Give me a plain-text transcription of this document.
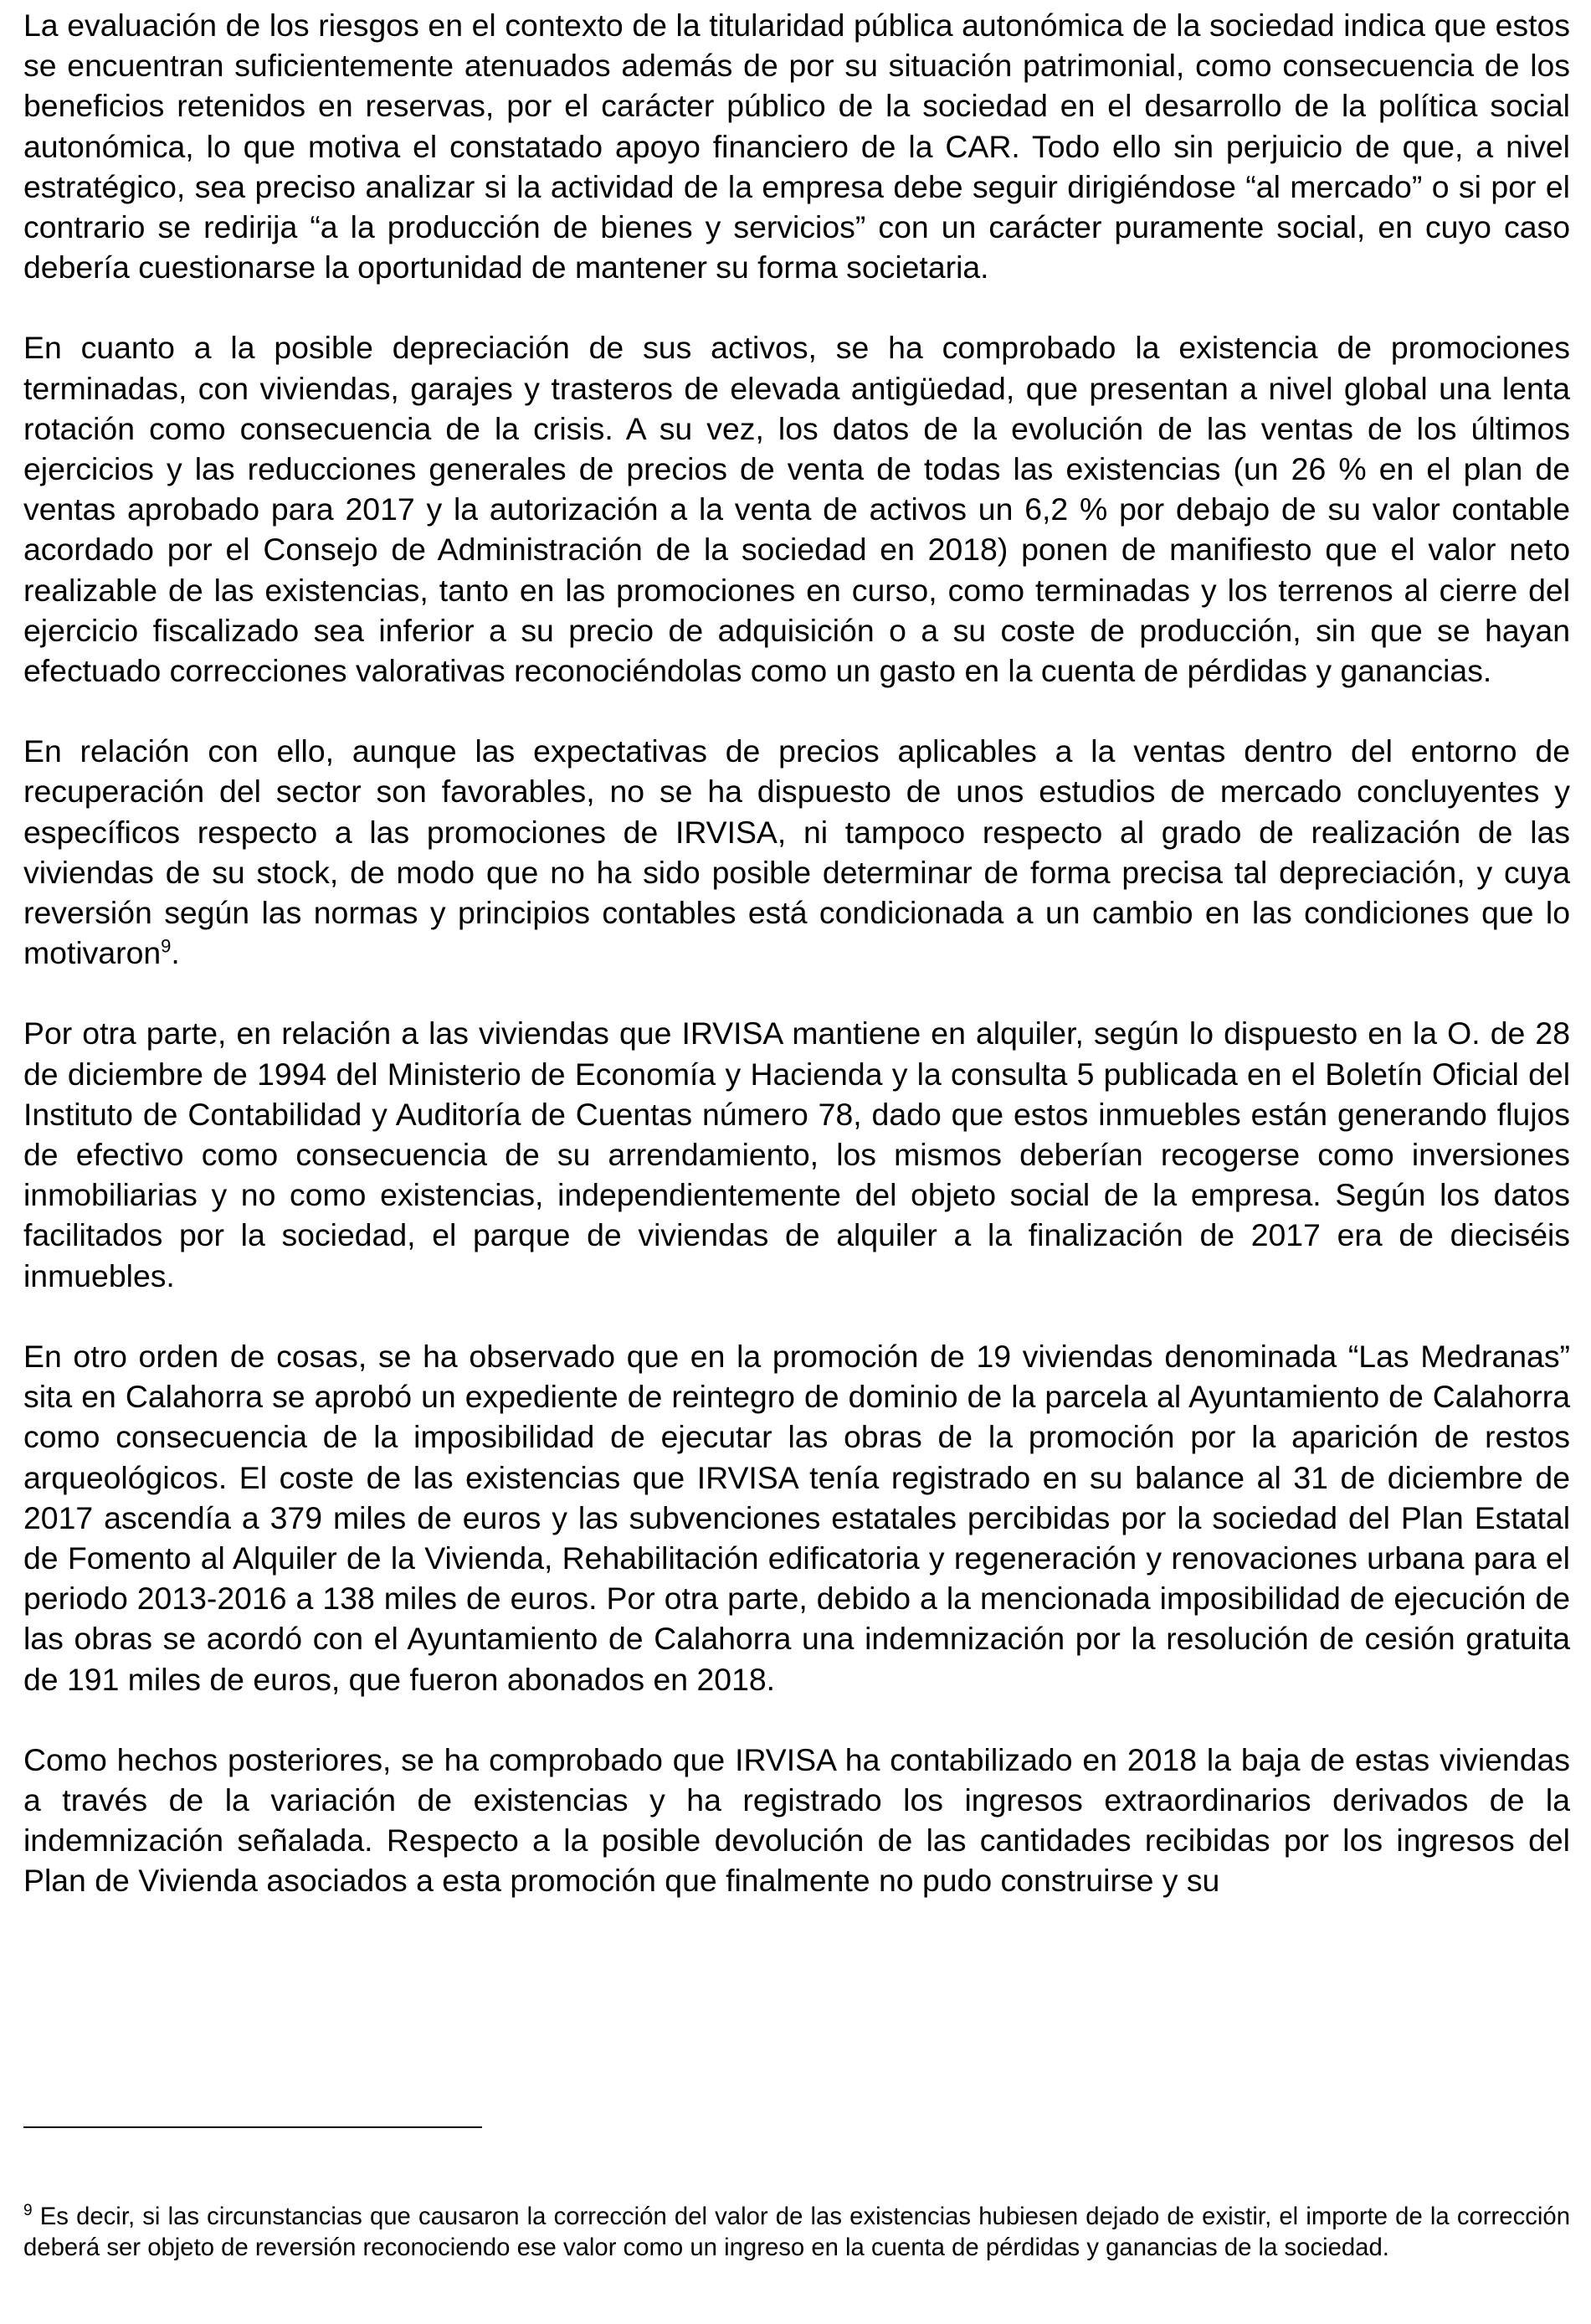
La evaluación de los riesgos en el contexto de la titularidad pública autonómica de la sociedad indica que estos se encuentran suficientemente atenuados además de por su situación patrimonial, como consecuencia de los beneficios retenidos en reservas, por el carácter público de la sociedad en el desarrollo de la política social autonómica, lo que motiva el constatado apoyo financiero de la CAR. Todo ello sin perjuicio de que, a nivel estratégico, sea preciso analizar si la actividad de la empresa debe seguir dirigiéndose “al mercado” o si por el contrario se redirija “a la producción de bienes y servicios” con un carácter puramente social, en cuyo caso debería cuestionarse la oportunidad de mantener su forma societaria.

En cuanto a la posible depreciación de sus activos, se ha comprobado la existencia de promociones terminadas, con viviendas, garajes y trasteros de elevada antigüedad, que presentan a nivel global una lenta rotación como consecuencia de la crisis. A su vez, los datos de la evolución de las ventas de los últimos ejercicios y las reducciones generales de precios de venta de todas las existencias (un 26 % en el plan de ventas aprobado para 2017 y la autorización a la venta de activos un 6,2 % por debajo de su valor contable acordado por el Consejo de Administración de la sociedad en 2018) ponen de manifiesto que el valor neto realizable de las existencias, tanto en las promociones en curso, como terminadas y los terrenos al cierre del ejercicio fiscalizado sea inferior a su precio de adquisición o a su coste de producción, sin que se hayan efectuado correcciones valorativas reconociéndolas como un gasto en la cuenta de pérdidas y ganancias.

En relación con ello, aunque las expectativas de precios aplicables a la ventas dentro del entorno de recuperación del sector son favorables, no se ha dispuesto de unos estudios de mercado concluyentes y específicos respecto a las promociones de IRVISA, ni tampoco respecto al grado de realización de las viviendas de su stock, de modo que no ha sido posible determinar de forma precisa tal depreciación, y cuya reversión según las normas y principios contables está condicionada a un cambio en las condiciones que lo motivaron$^9$.

Por otra parte, en relación a las viviendas que IRVISA mantiene en alquiler, según lo dispuesto en la O. de 28 de diciembre de 1994 del Ministerio de Economía y Hacienda y la consulta 5 publicada en el Boletín Oficial del Instituto de Contabilidad y Auditoría de Cuentas número 78, dado que estos inmuebles están generando flujos de efectivo como consecuencia de su arrendamiento, los mismos deberían recogerse como inversiones inmobiliarias y no como existencias, independientemente del objeto social de la empresa. Según los datos facilitados por la sociedad, el parque de viviendas de alquiler a la finalización de 2017 era de dieciséis inmuebles.

En otro orden de cosas, se ha observado que en la promoción de 19 viviendas denominada “Las Medranas” sita en Calahorra se aprobó un expediente de reintegro de dominio de la parcela al Ayuntamiento de Calahorra como consecuencia de la imposibilidad de ejecutar las obras de la promoción por la aparición de restos arqueológicos. El coste de las existencias que IRVISA tenía registrado en su balance al 31 de diciembre de 2017 ascendía a 379 miles de euros y las subvenciones estatales percibidas por la sociedad del Plan Estatal de Fomento al Alquiler de la Vivienda, Rehabilitación edificatoria y regeneración y renovaciones urbana para el periodo 2013-2016 a 138 miles de euros. Por otra parte, debido a la mencionada imposibilidad de ejecución de las obras se acordó con el Ayuntamiento de Calahorra una indemnización por la resolución de cesión gratuita de 191 miles de euros, que fueron abonados en 2018.

Como hechos posteriores, se ha comprobado que IRVISA ha contabilizado en 2018 la baja de estas viviendas a través de la variación de existencias y ha registrado los ingresos extraordinarios derivados de la indemnización señalada. Respecto a la posible devolución de las cantidades recibidas por los ingresos del Plan de Vivienda asociados a esta promoción que finalmente no pudo construirse y su

$^9$ Es decir, si las circunstancias que causaron la corrección del valor de las existencias hubiesen dejado de existir, el importe de la corrección deberá ser objeto de reversión reconociendo ese valor como un ingreso en la cuenta de pérdidas y ganancias de la sociedad.
